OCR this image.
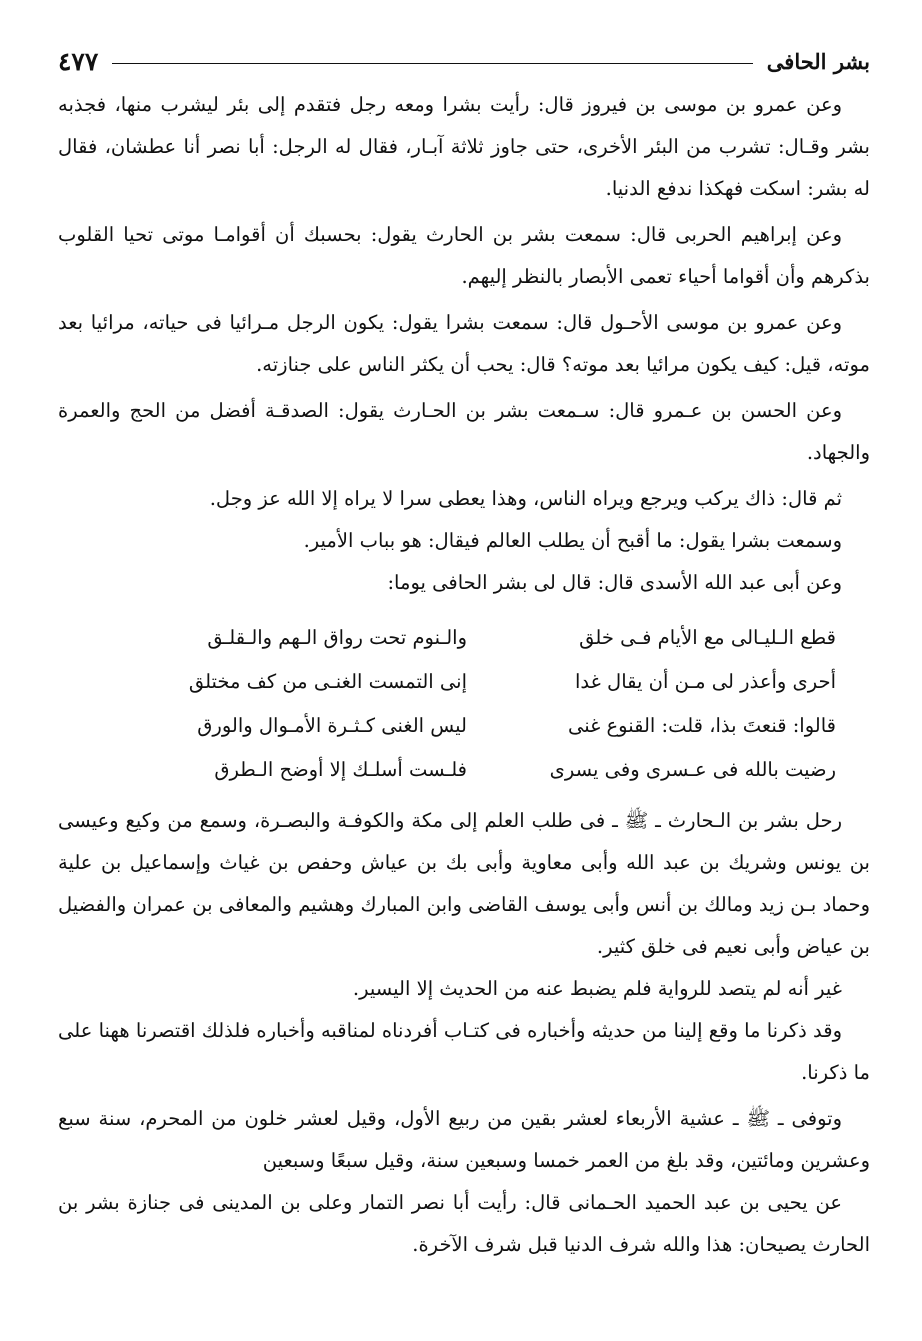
بشر الحافى
٤٧٧

وعن عمرو بن موسى بن فيروز قال: رأيت بشرا ومعه رجل فتقدم إلى بئر ليشرب منها، فجذبه بشر وقـال: تشرب من البئر الأخرى، حتى جاوز ثلاثة آبـار، فقال له الرجل: أبا نصر أنا عطشان، فقال له بشر: اسكت فهكذا ندفع الدنيا.

وعن إبراهيم الحربى قال: سمعت بشر بن الحارث يقول: بحسبك أن أقوامـا موتى تحيا القلوب بذكرهم وأن أقواما أحياء تعمى الأبصار بالنظر إليهم.

وعن عمرو بن موسى الأحـول قال: سمعت بشرا يقول: يكون الرجل مـرائيا فى حياته، مرائيا بعد موته، قيل: كيف يكون مرائيا بعد موته؟ قال: يحب أن يكثر الناس على جنازته.

وعن الحسن بن عـمرو قال: سـمعت بشر بن الحـارث يقول: الصدقـة أفضل من الحج والعمرة والجهاد.

ثم قال: ذاك يركب ويرجع ويراه الناس، وهذا يعطى سرا لا يراه إلا الله عز وجل.

وسمعت بشرا يقول: ما أقبح أن يطلب العالم فيقال: هو بباب الأمير.

وعن أبى عبد الله الأسدى قال: قال لى بشر الحافى يوما:

قطع الـليـالى مع الأيام فـى خلق
والـنوم تحت رواق الـهم والـقلـق
أحرى وأعذر لى مـن أن يقال غدا
إنى التمست الغنـى من كف مختلق
قالوا: قنعتَ بذا، قلت: القنوع غنى
ليس الغنى كـثـرة الأمـوال والورق
رضيت بالله فى عـسرى وفى يسرى
فلـست أسلـك إلا أوضح الـطرق

رحل بشر بن الـحارث ـ ﷺ ـ فى طلب العلم إلى مكة والكوفـة والبصـرة، وسمع من وكيع وعيسى بن يونس وشريك بن عبد الله وأبى معاوية وأبى بك بن عياش وحفص بن غياث وإسماعيل بن علية وحماد بـن زيد ومالك بن أنس وأبى يوسف القاضى وابن المبارك وهشيم والمعافى بن عمران والفضيل بن عياض وأبى نعيم فى خلق كثير.

غير أنه لم يتصد للرواية فلم يضبط عنه من الحديث إلا اليسير.

وقد ذكرنا ما وقع إلينا من حديثه وأخباره فى كتـاب أفردناه لمناقبه وأخباره فلذلك اقتصرنا ههنا على ما ذكرنا.

وتوفى ـ ﷺ ـ عشية الأربعاء لعشر بقين من ربيع الأول، وقيل لعشر خلون من المحرم، سنة سبع وعشرين ومائتين، وقد بلغ من العمر خمسا وسبعين سنة، وقيل سبعًا وسبعين

عن يحيى بن عبد الحميد الحـمانى قال: رأيت أبا نصر التمار وعلى بن المدينى فى جنازة بشر بن الحارث يصيحان: هذا والله شرف الدنيا قبل شرف الآخرة.
